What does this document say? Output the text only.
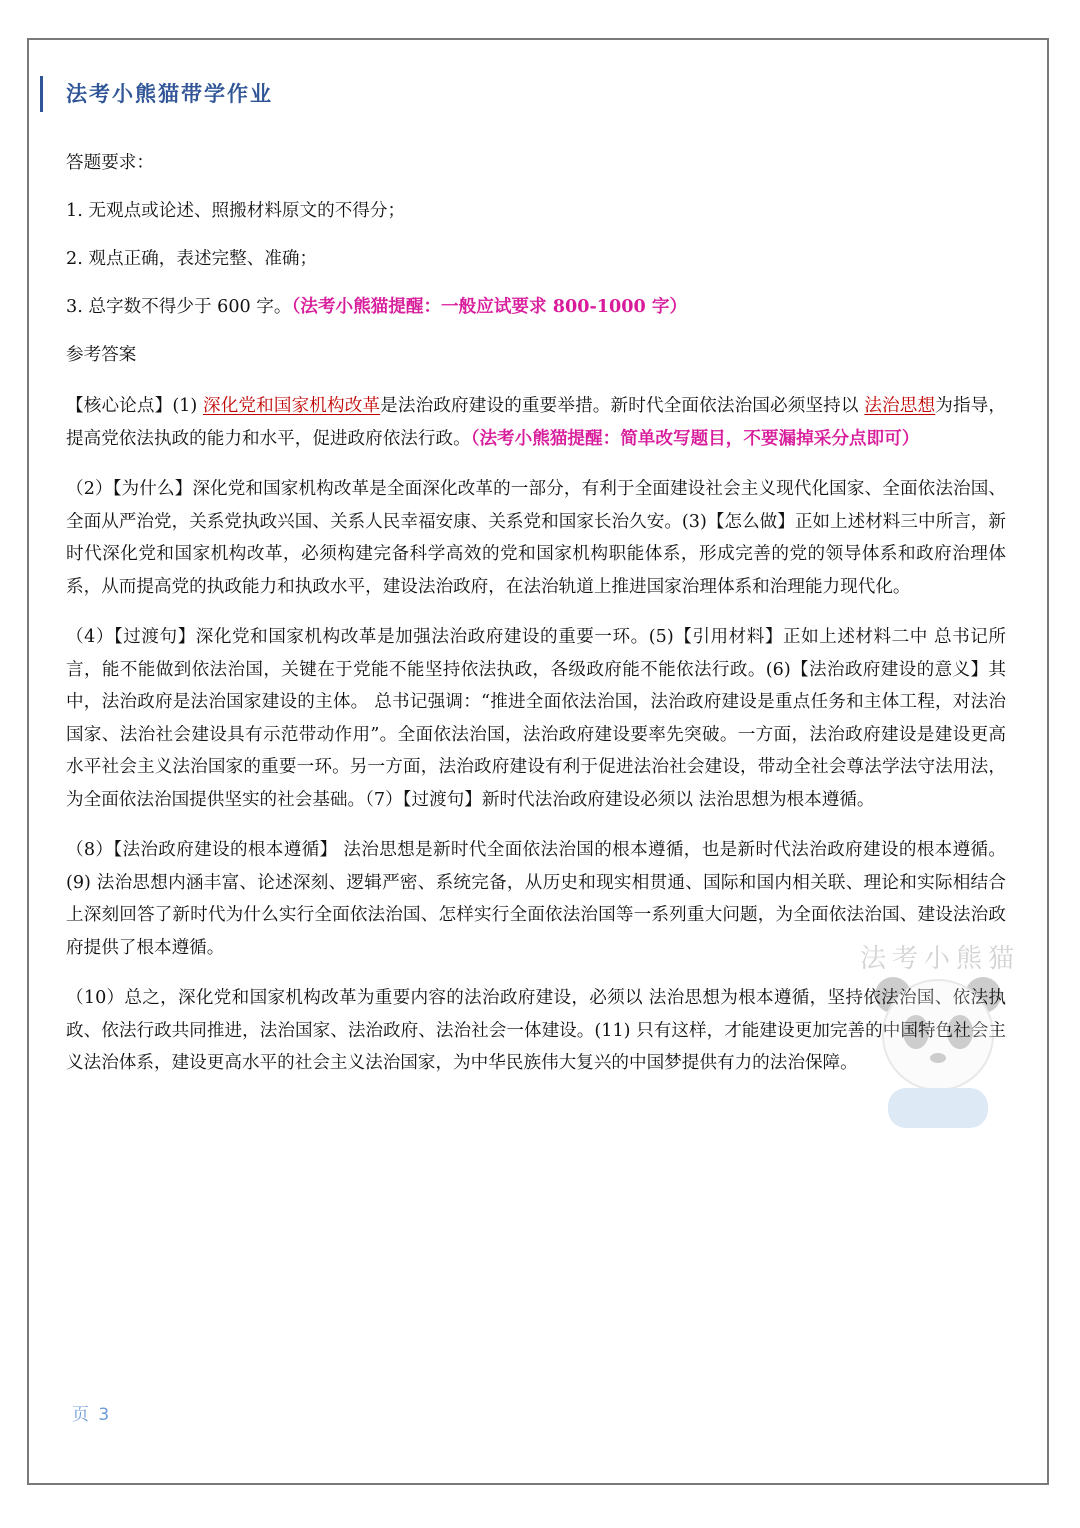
法考小熊猫带学作业
答题要求：
1. 无观点或论述、照搬材料原文的不得分；
2. 观点正确，表述完整、准确；
3. 总字数不得少于 600 字。（法考小熊猫提醒：一般应试要求 800-1000 字）
参考答案

【核心论点】(1) 深化党和国家机构改革是法治政府建设的重要举措。新时代全面依法治国必须坚持以 法治思想为指导，提高党依法执政的能力和水平，促进政府依法行政。（法考小熊猫提醒：简单改写题目，不要漏掉采分点即可）

（2）【为什么】深化党和国家机构改革是全面深化改革的一部分，有利于全面建设社会主义现代化国家、全面依法治国、全面从严治党，关系党执政兴国、关系人民幸福安康、关系党和国家长治久安。(3)【怎么做】正如上述材料三中所言，新时代深化党和国家机构改革，必须构建完备科学高效的党和国家机构职能体系，形成完善的党的领导体系和政府治理体系，从而提高党的执政能力和执政水平，建设法治政府，在法治轨道上推进国家治理体系和治理能力现代化。

（4）【过渡句】深化党和国家机构改革是加强法治政府建设的重要一环。(5)【引用材料】正如上述材料二中 总书记所言，能不能做到依法治国，关键在于党能不能坚持依法执政，各级政府能不能依法行政。(6)【法治政府建设的意义】其中，法治政府是法治国家建设的主体。 总书记强调：“推进全面依法治国，法治政府建设是重点任务和主体工程，对法治国家、法治社会建设具有示范带动作用”。全面依法治国，法治政府建设要率先突破。一方面，法治政府建设是建设更高水平社会主义法治国家的重要一环。另一方面，法治政府建设有利于促进法治社会建设，带动全社会尊法学法守法用法，为全面依法治国提供坚实的社会基础。（7）【过渡句】新时代法治政府建设必须以 法治思想为根本遵循。

（8）【法治政府建设的根本遵循】 法治思想是新时代全面依法治国的根本遵循，也是新时代法治政府建设的根本遵循。(9) 法治思想内涵丰富、论述深刻、逻辑严密、系统完备，从历史和现实相贯通、国际和国内相关联、理论和实际相结合上深刻回答了新时代为什么实行全面依法治国、怎样实行全面依法治国等一系列重大问题，为全面依法治国、建设法治政府提供了根本遵循。

（10）总之，深化党和国家机构改革为重要内容的法治政府建设，必须以 法治思想为根本遵循，坚持依法治国、依法执政、依法行政共同推进，法治国家、法治政府、法治社会一体建设。(11) 只有这样，才能建设更加完善的中国特色社会主义法治体系，建设更高水平的社会主义法治国家，为中华民族伟大复兴的中国梦提供有力的法治保障。

法考小熊猫
页 3
